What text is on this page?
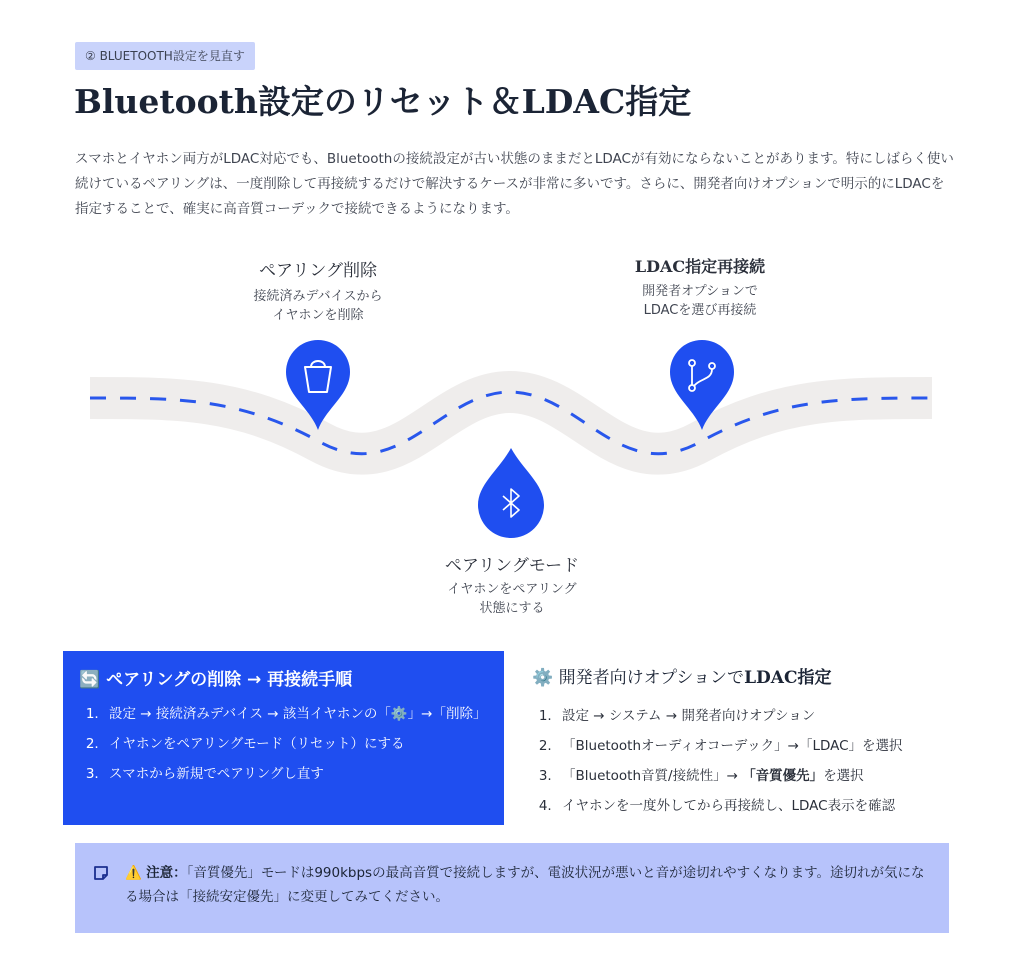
② BLUETOOTH設定を見直す
Bluetooth設定のリセット＆LDAC指定

スマホとイヤホン両方がLDAC対応でも、Bluetoothの接続設定が古い状態のままだとLDACが有効にならないことがあります。特にしばらく使い続けているペアリングは、一度削除して再接続するだけで解決するケースが非常に多いです。さらに、開発者向けオプションで明示的にLDACを指定することで、確実に高音質コーデックで接続できるようになります。

ペアリング削除
接続済みデバイスから
イヤホンを削除
ペアリングモード
イヤホンをペアリング
状態にする
LDAC指定再接続
開発者オプションで
LDACを選び再接続
🔄 ペアリングの削除 → 再接続手順
1. 設定 → 接続済みデバイス → 該当イヤホンの「⚙️」→「削除」
2. イヤホンをペアリングモード（リセット）にする
3. スマホから新規でペアリングし直す
⚙️ 開発者向けオプションでLDAC指定
1. 設定 → システム → 開発者向けオプション
2. 「Bluetoothオーディオコーデック」→「LDAC」を選択
3. 「Bluetooth音質/接続性」→ 「音質優先」を選択
4. イヤホンを一度外してから再接続し、LDAC表示を確認
⚠️ 注意：「音質優先」モードは990kbpsの最高音質で接続しますが、電波状況が悪いと音が途切れやすくなります。途切れが気になる場合は「接続安定優先」に変更してみてください。
